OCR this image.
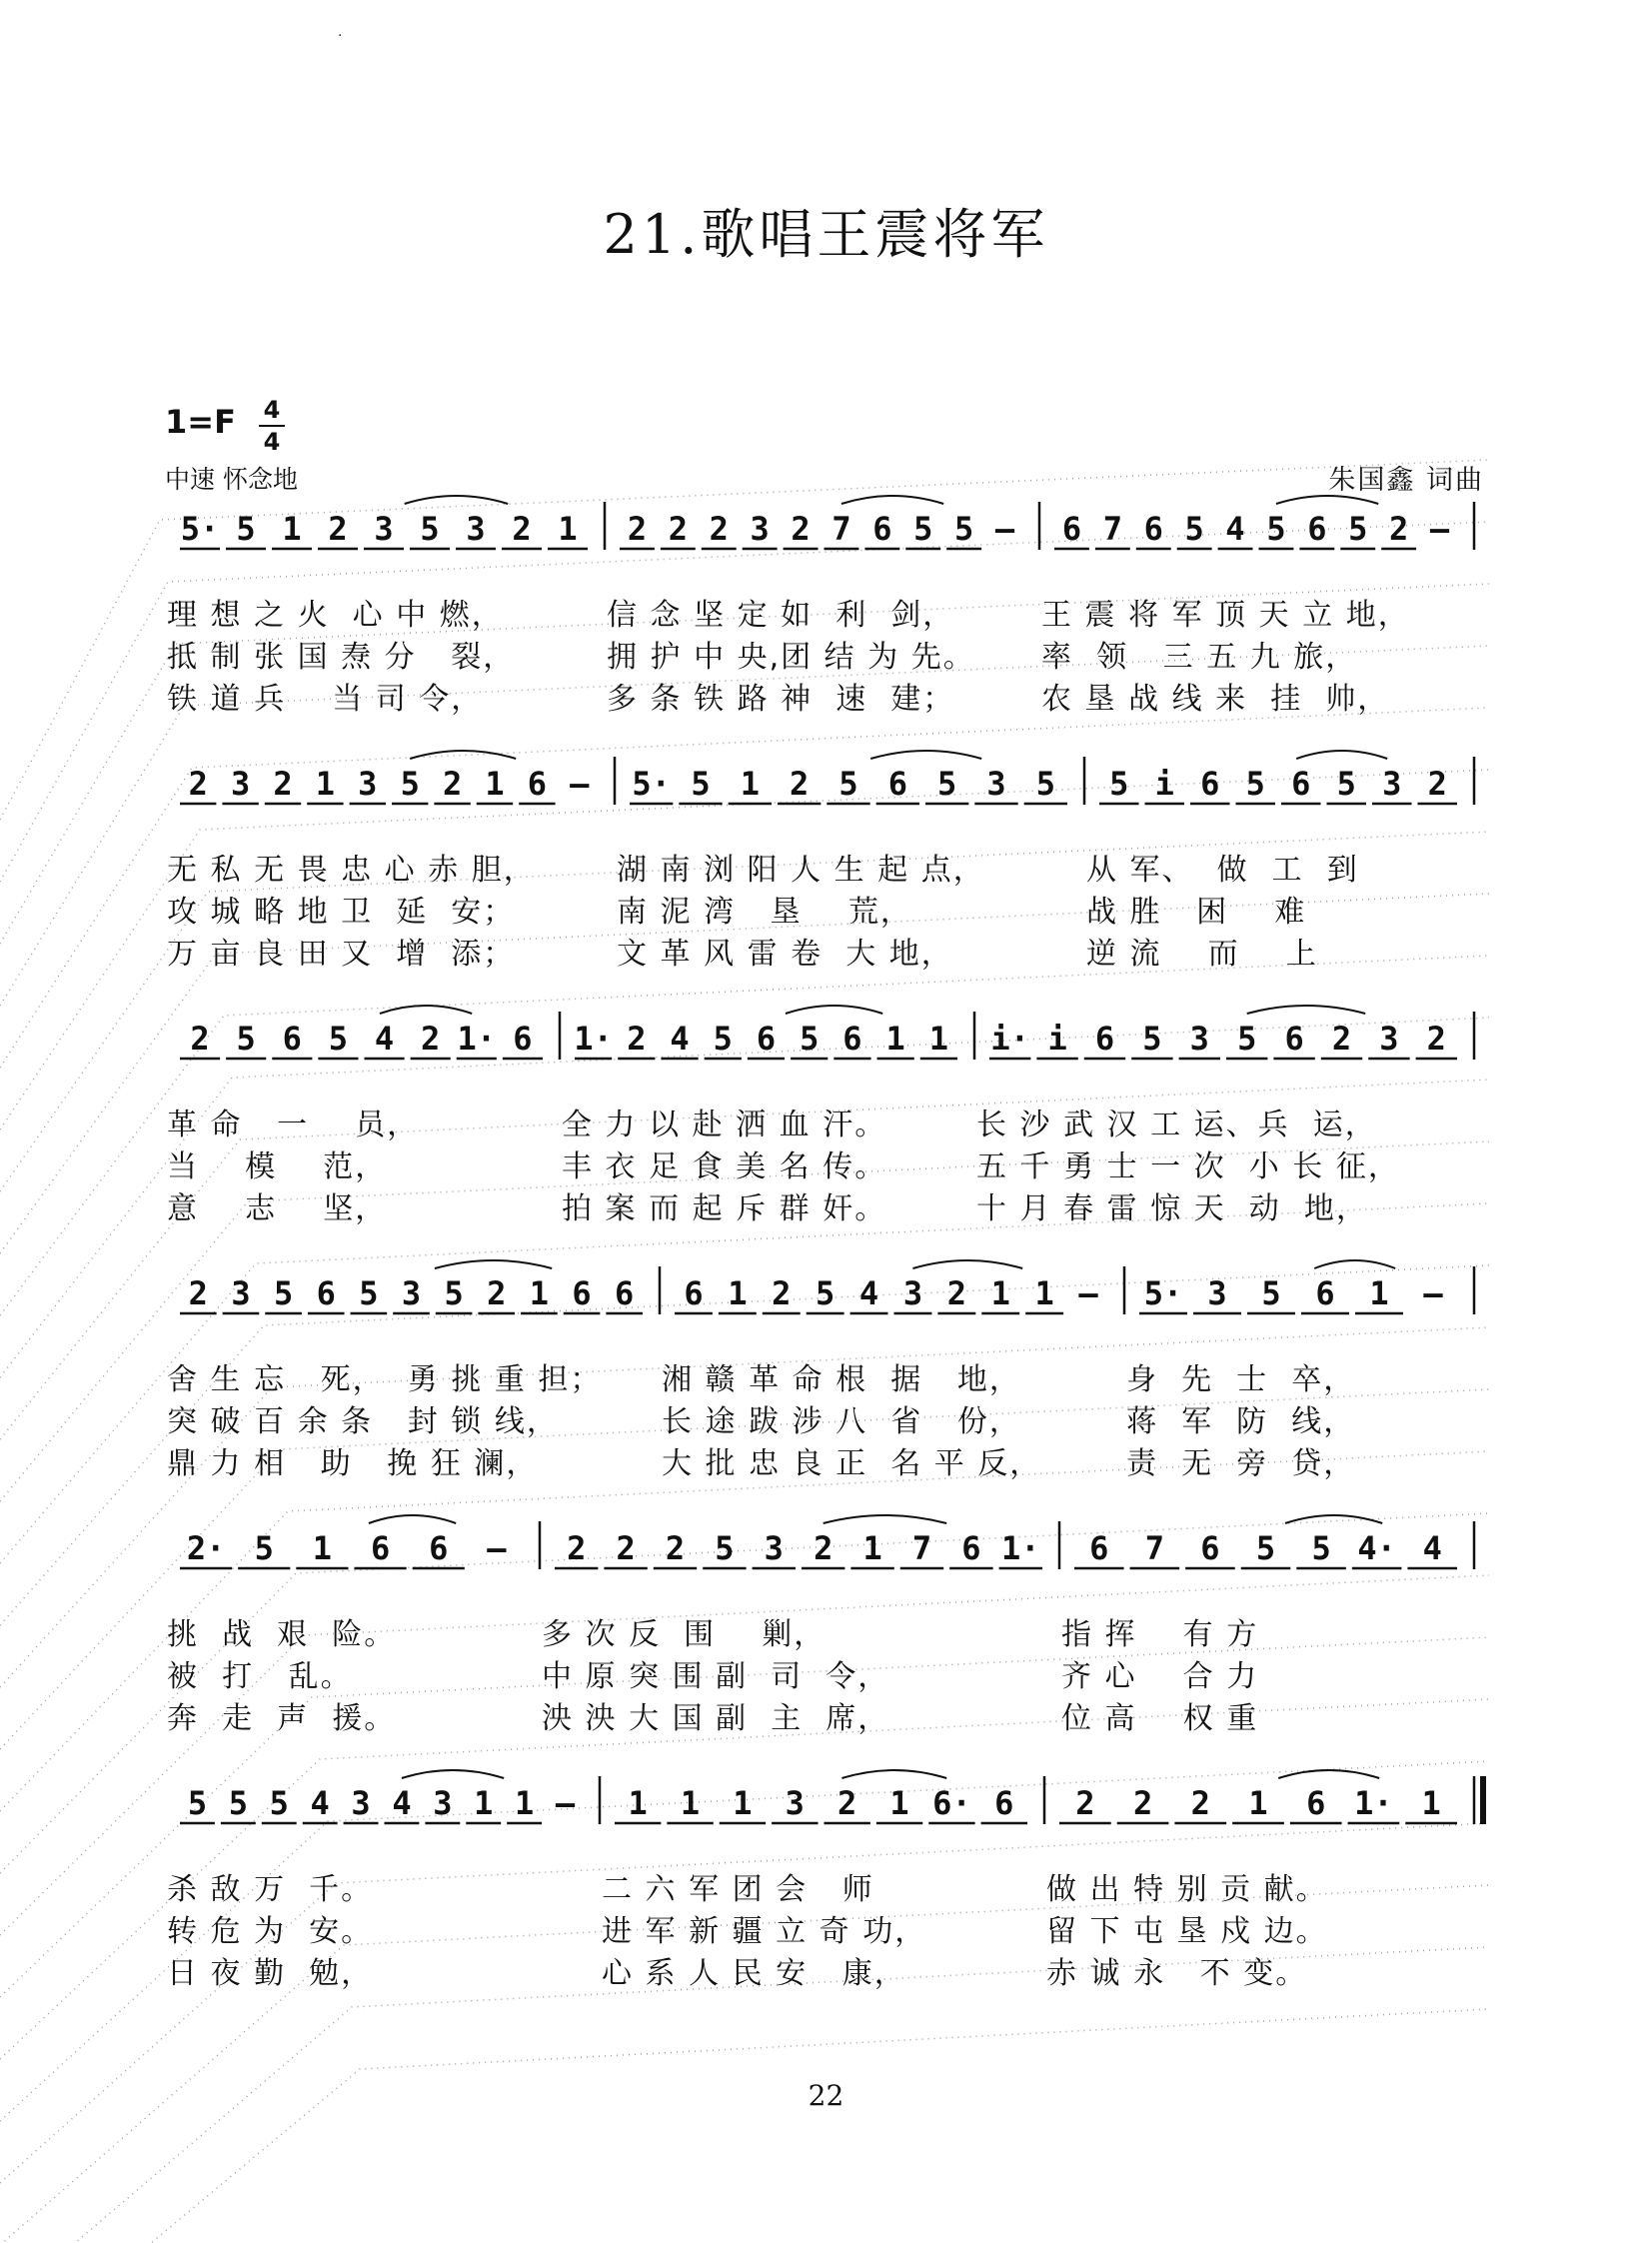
·
21.歌唱王震将军
1=F 4
4
中速 怀念地	朱国鑫 词曲
5· 5 1 2 3 5 3 2 1 2 2 2 3 2 7 6 5 5 – 6 7 6 5 4 5 6 5 2 –
2 3 2 1 3 5 2 1 6 – 5· 5 1 2 5 6 5 3 5 5 i 6 5 6 5 3 2
2 5 6 5 4 2 1· 6 1· 2 4 5 6 5 6 1 1 i· i 6 5 3 5 6 2 3 2
2 3 5 6 5 3 5 2 1 6 6 6 1 2 5 4 3 2 1 1 – 5· 3 5 6 1 –
2· 5 1 6 6 – 2 2 2 5 3 2 1 7 6 1· 6 7 6 5 5 4· 4
5 5 5 4 3 4 3 1 1 – 1 1 1 3 2 1 6· 6 2 2 2 1 6 1· 1
理 想 之 火  心 中 燃，	信 念 坚 定 如  利  剑，	王 震 将 军 顶 天 立 地，
抵 制 张 国 焘 分   裂，	拥 护 中 央,团 结 为 先。 率  领   三 五 九 旅，
铁 道 兵    当 司 令，	多 条 铁 路 神  速  建；	农 垦 战 线 来  挂  帅，
无 私 无 畏 忠 心 赤 胆，	湖 南 浏 阳 人 生 起 点，	从 军、  做  工  到
攻 城 略 地 卫  延  安；	南 泥 湾   垦    荒，	战 胜   困    难
万 亩 良 田 又  增  添；	文 革 风 雷 卷  大 地，	逆 流    而    上
革 命   一    员，	全 力 以 赴 洒 血 汗。	长 沙 武 汉 工 运、兵  运，
当    模    范，	丰 衣 足 食 美 名 传。	五 千 勇 士 一 次  小 长 征，
意    志    坚，	拍 案 而 起 斥 群 奸。	十 月 春 雷 惊 天  动  地，
舍 生 忘   死，  勇 挑 重 担； 湘 赣 革 命 根  据   地，	身  先  士  卒，
突 破 百 余 条   封 锁 线，	长 途 跋 涉 八  省   份，	蒋  军  防  线，
鼎 力 相   助   挽 狂 澜，	大 批 忠 良 正  名 平 反，	责  无  旁  贷，
挑  战  艰  险。	多 次 反  围    剿，	指 挥    有 方
被  打   乱。	中 原 突 围 副  司  令，	齐 心    合 力
奔  走  声  援。	泱 泱 大 国 副  主  席，	位 高    权 重
杀 敌 万  千。	二 六 军 团 会   师	做 出 特 别 贡 献。
转 危 为  安。	进 军 新 疆 立 奇 功，	留 下 屯 垦 戍 边。
日 夜 勤  勉，	心 系 人 民 安   康，	赤 诚 永   不 变。
22
